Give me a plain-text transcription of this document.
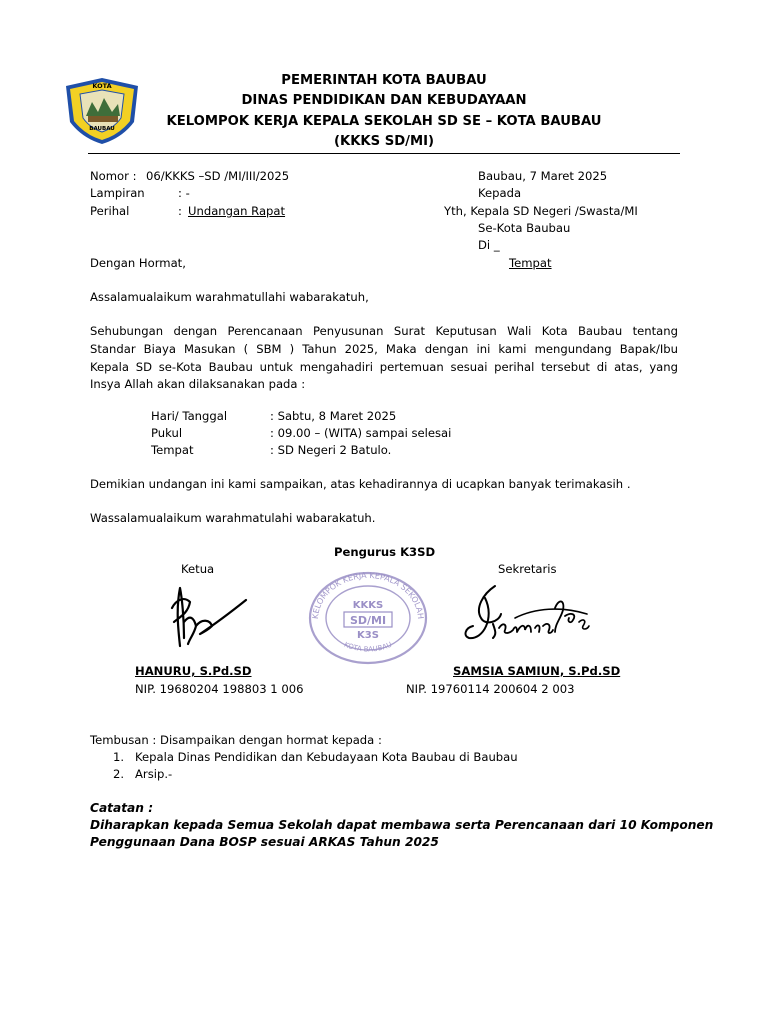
KOTA
BAUBAU
PEMERINTAH KOTA BAUBAU
DINAS PENDIDIKAN DAN KEBUDAYAAN
KELOMPOK KERJA KEPALA SEKOLAH SD SE – KOTA BAUBAU
(KKKS SD/MI)
Nomor : 06/KKKS –SD /MI/III/2025
Lampiran	: -
Perihal	: Undangan Rapat
Baubau, 7 Maret 2025
Kepada
Yth, Kepala SD Negeri /Swasta/MI
Se-Kota Baubau
Di _
Tempat
Dengan Hormat,
Assalamualaikum warahmatullahi wabarakatuh,
Sehubungan dengan Perencanaan Penyusunan Surat Keputusan Wali Kota Baubau tentang
Standar Biaya Masukan ( SBM ) Tahun 2025, Maka dengan ini kami mengundang Bapak/Ibu
Kepala SD se-Kota Baubau untuk mengahadiri pertemuan sesuai perihal tersebut di atas, yang
Insya Allah akan dilaksanakan pada :
Hari/ Tanggal	: Sabtu, 8 Maret 2025
Pukul	: 09.00 – (WITA) sampai selesai
Tempat	: SD Negeri 2 Batulo.
Demikian undangan ini kami sampaikan, atas kehadirannya di ucapkan banyak terimakasih .
Wassalamualaikum warahmatulahi wabarakatuh.
Pengurus K3SD
Ketua	Sekretaris
KELOMPOK KERJA KEPALA SEKOLAH
KOTA BAUBAU
KKKS
SD/MI
K3S
HANURU, S.Pd.SD	SAMSIA SAMIUN, S.Pd.SD
NIP. 19680204 198803 1 006	NIP. 19760114 200604 2 003
Tembusan : Disampaikan dengan hormat kepada :
1. Kepala Dinas Pendidikan dan Kebudayaan Kota Baubau di Baubau
2. Arsip.-
Catatan :
Diharapkan kepada Semua Sekolah dapat membawa serta Perencanaan dari 10 Komponen
Penggunaan Dana BOSP sesuai ARKAS Tahun 2025
